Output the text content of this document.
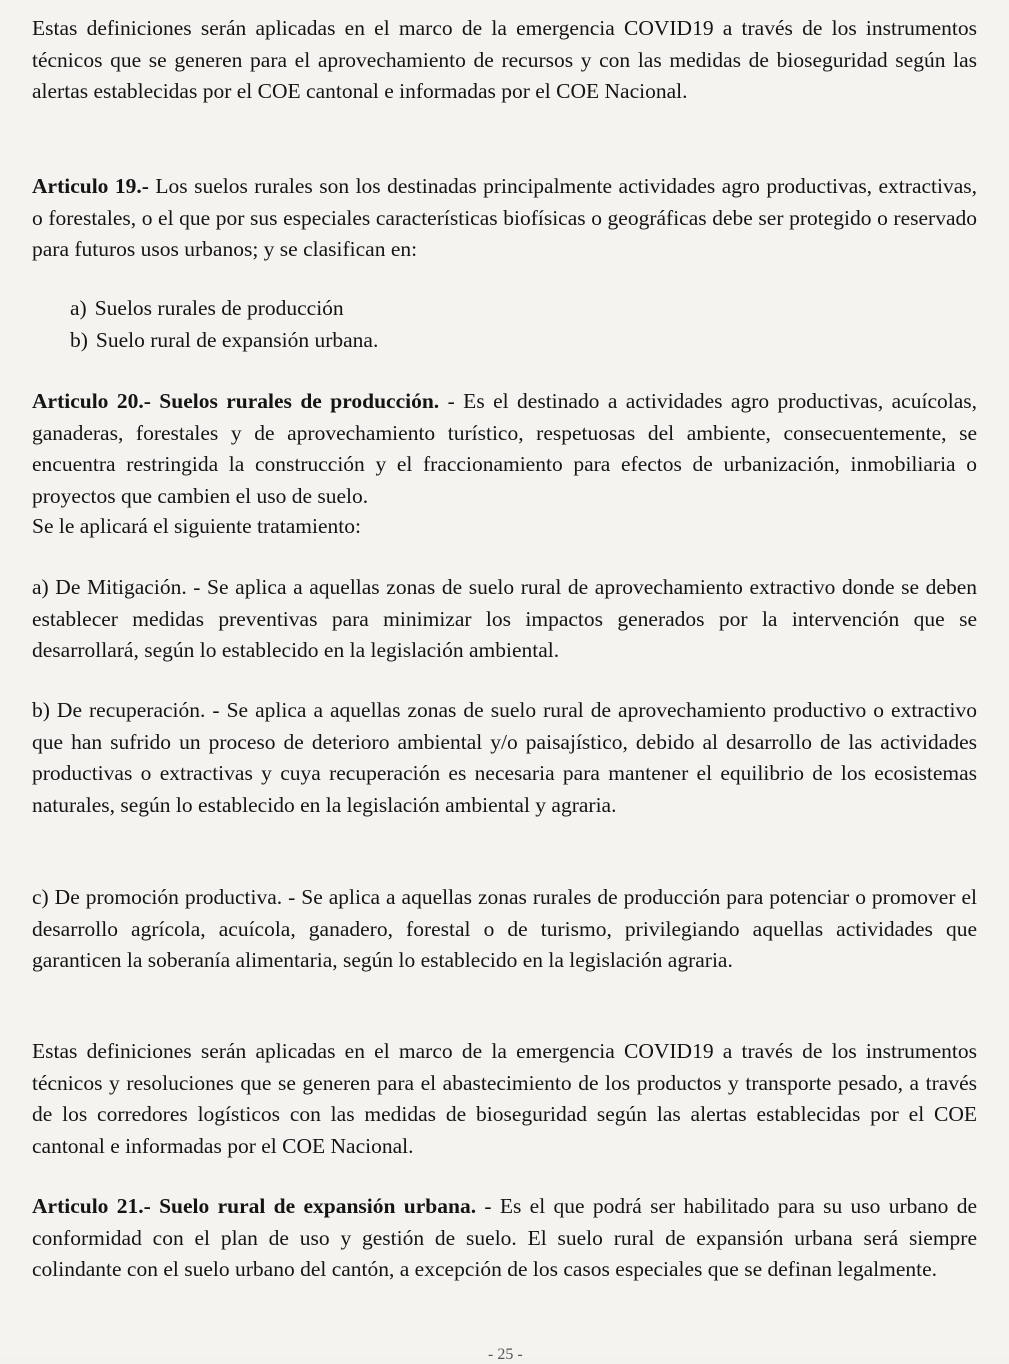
Estas definiciones serán aplicadas en el marco de la emergencia COVID19 a través de los instrumentos técnicos que se generen para el aprovechamiento de recursos y con las medidas de bioseguridad según las alertas establecidas por el COE cantonal e informadas por el COE Nacional.
Articulo 19.- Los suelos rurales son los destinadas principalmente actividades agro productivas, extractivas, o forestales, o el que por sus especiales características biofísicas o geográficas debe ser protegido o reservado para futuros usos urbanos; y se clasifican en:
a) Suelos rurales de producción
b) Suelo rural de expansión urbana.
Articulo 20.- Suelos rurales de producción. - Es el destinado a actividades agro productivas, acuícolas, ganaderas, forestales y de aprovechamiento turístico, respetuosas del ambiente, consecuentemente, se encuentra restringida la construcción y el fraccionamiento para efectos de urbanización, inmobiliaria o proyectos que cambien el uso de suelo.
Se le aplicará el siguiente tratamiento:
a) De Mitigación. - Se aplica a aquellas zonas de suelo rural de aprovechamiento extractivo donde se deben establecer medidas preventivas para minimizar los impactos generados por la intervención que se desarrollará, según lo establecido en la legislación ambiental.
b) De recuperación. - Se aplica a aquellas zonas de suelo rural de aprovechamiento productivo o extractivo que han sufrido un proceso de deterioro ambiental y/o paisajístico, debido al desarrollo de las actividades productivas o extractivas y cuya recuperación es necesaria para mantener el equilibrio de los ecosistemas naturales, según lo establecido en la legislación ambiental y agraria.
c) De promoción productiva. - Se aplica a aquellas zonas rurales de producción para potenciar o promover el desarrollo agrícola, acuícola, ganadero, forestal o de turismo, privilegiando aquellas actividades que garanticen la soberanía alimentaria, según lo establecido en la legislación agraria.
Estas definiciones serán aplicadas en el marco de la emergencia COVID19 a través de los instrumentos técnicos y resoluciones que se generen para el abastecimiento de los productos y transporte pesado, a través de los corredores logísticos con las medidas de bioseguridad según las alertas establecidas por el COE cantonal e informadas por el COE Nacional.
Articulo 21.- Suelo rural de expansión urbana. - Es el que podrá ser habilitado para su uso urbano de conformidad con el plan de uso y gestión de suelo. El suelo rural de expansión urbana será siempre colindante con el suelo urbano del cantón, a excepción de los casos especiales que se definan legalmente.
- 25 -
